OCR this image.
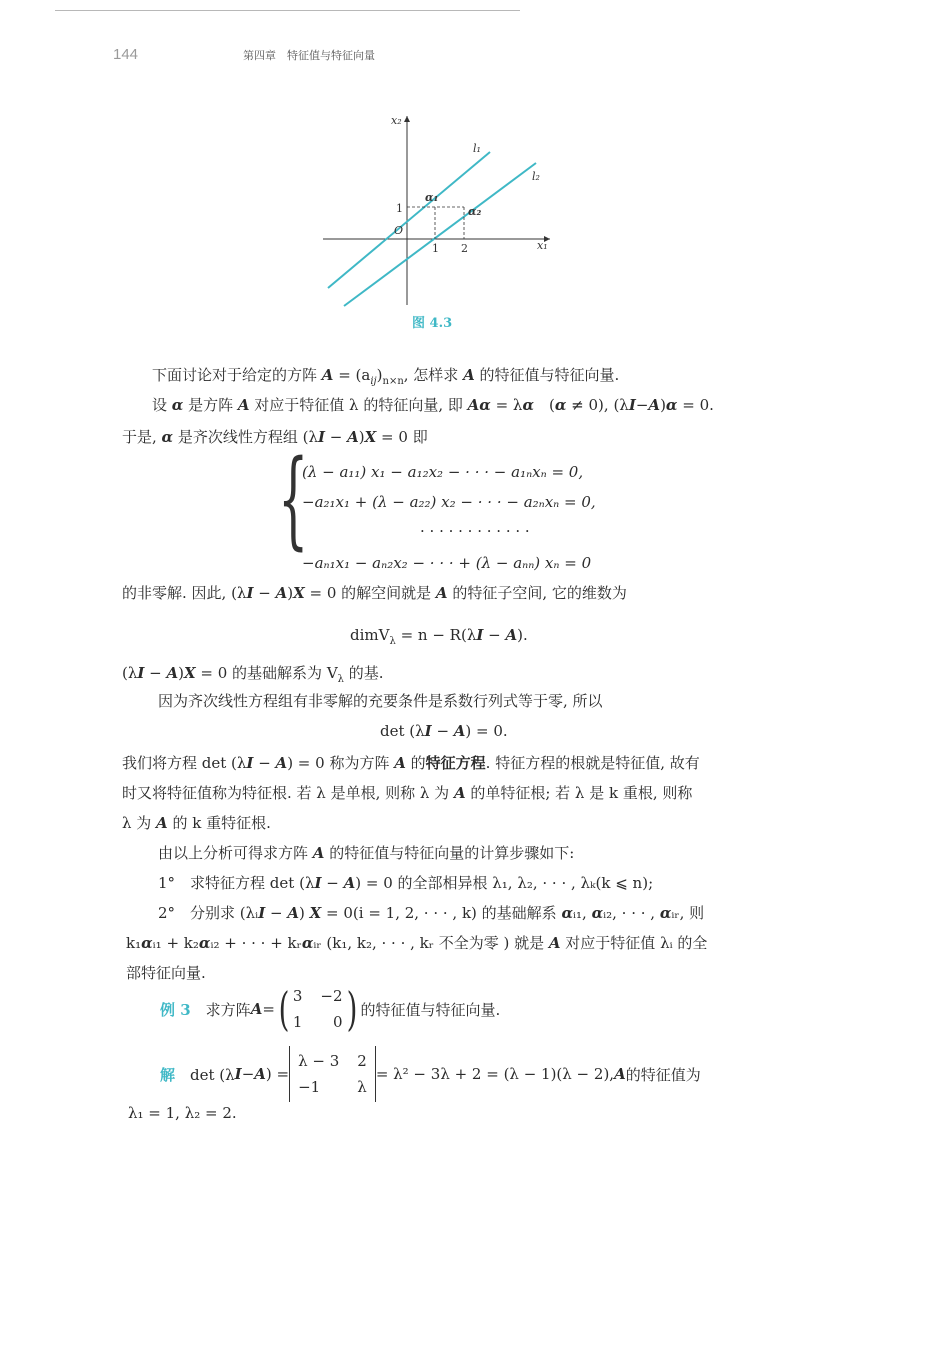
144	第四章　特征值与特征向量
x₂
x₁
O
l₁
l₂
α₁
α₂
1 2
1
图 4.3
下面讨论对于给定的方阵 $A = (a_{ij})_{n\times n}$, 怎样求 A 的特征值与特征向量.
设 α 是方阵 A 对应于特征值 λ 的特征向量, 即 Aα = λα　(α ≠ 0), (λI−A)α = 0.
于是, α 是齐次线性方程组 (λI − A)X = 0 即
{
(λ − a₁₁) x₁ − a₁₂x₂ − · · · − a₁ₙxₙ = 0,
−a₂₁x₁ + (λ − a₂₂) x₂ − · · · − a₂ₙxₙ = 0,
· · · · · · · · · · · ·
−aₙ₁x₁ − aₙ₂x₂ − · · · + (λ − aₙₙ) xₙ = 0
的非零解. 因此, (λI − A)X = 0 的解空间就是 A 的特征子空间, 它的维数为
dimV$_\lambda$ = n − R(λI − A).
(λI − A)X = 0 的基础解系为 $V_\lambda$ 的基.
因为齐次线性方程组有非零解的充要条件是系数行列式等于零, 所以
det (λI − A) = 0.
我们将方程 det (λI − A) = 0 称为方阵 A 的特征方程. 特征方程的根就是特征值, 故有
时又将特征值称为特征根. 若 λ 是单根, 则称 λ 为 A 的单特征根; 若 λ 是 k 重根, 则称
λ 为 A 的 k 重特征根.
由以上分析可得求方阵 A 的特征值与特征向量的计算步骤如下:
1°　求特征方程 det (λI − A) = 0 的全部相异根 λ₁, λ₂, · · · , λₖ(k ⩽ n);
2°　分别求 (λᵢI − A) X = 0(i = 1, 2, · · · , k) 的基础解系 αᵢ₁, αᵢ₂, · · · , αᵢᵣ, 则
k₁αᵢ₁ + k₂αᵢ₂ + · · · + kᵣαᵢᵣ (k₁, k₂, · · · , kᵣ 不全为零 ) 就是 A 对应于特征值 λᵢ 的全
部特征向量.
例 3 　求方阵 A = ( 3 −2
1 0 ) 的特征值与特征向量.
解 　det (λ I − A ) =
λ − 3 2
−1 λ
= λ² − 3λ + 2 = (λ − 1)(λ − 2), A 的特征值为
λ₁ = 1, λ₂ = 2.
